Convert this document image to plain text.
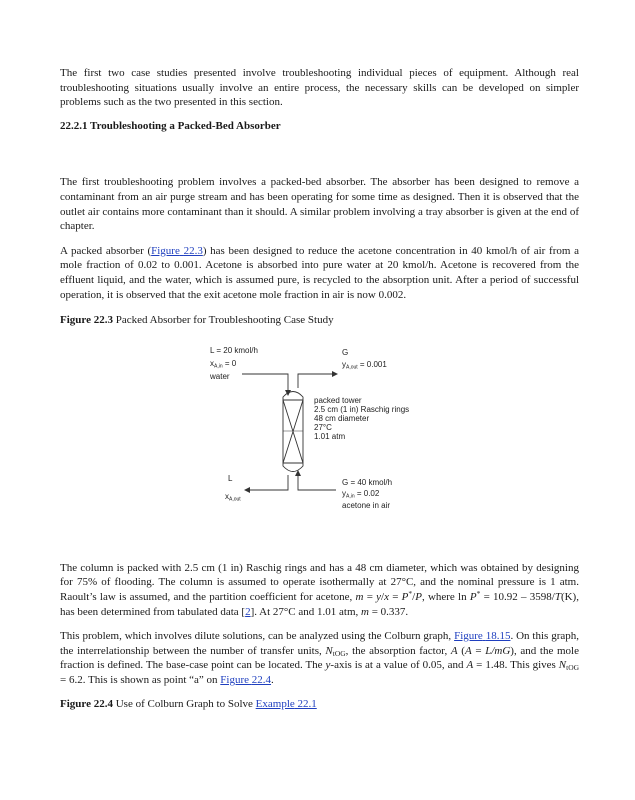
The first two case studies presented involve troubleshooting individual pieces of equipment. Although real troubleshooting situations usually involve an entire process, the necessary skills can be developed on simpler problems such as the two presented in this section.

22.2.1 Troubleshooting a Packed-Bed Absorber

The first troubleshooting problem involves a packed-bed absorber. The absorber has been designed to remove a contaminant from an air purge stream and has been operating for some time as designed. Then it is observed that the outlet air contains more contaminant than it should. A similar problem involving a tray absorber is given at the end of chapter.

A packed absorber (Figure 22.3) has been designed to reduce the acetone concentration in 40 kmol/h of air from a mole fraction of 0.02 to 0.001. Acetone is absorbed into pure water at 20 kmol/h. Acetone is recovered from the effluent liquid, and the water, which is assumed pure, is recycled to the absorption unit. After a period of successful operation, it is observed that the exit acetone mole fraction in air is now 0.002.

Figure 22.3 Packed Absorber for Troubleshooting Case Study

L = 20 kmol/h
xA,in = 0
water
G
yA,out = 0.001
packed tower
2.5 cm (1 in) Raschig rings
48 cm diameter
27°C
1.01 atm
L
xA,out
G = 40 kmol/h
yA,in = 0.02
acetone in air

The column is packed with 2.5 cm (1 in) Raschig rings and has a 48 cm diameter, which was obtained by designing for 75% of flooding. The column is assumed to operate isothermally at 27°C, and the nominal pressure is 1 atm. Raoult’s law is assumed, and the partition coefficient for acetone, m = y/x = P*/P, where ln P* = 10.92 – 3598/T(K), has been determined from tabulated data [2]. At 27°C and 1.01 atm, m = 0.337.

This problem, which involves dilute solutions, can be analyzed using the Colburn graph, Figure 18.15. On this graph, the interrelationship between the number of transfer units, $N_{tOG}$, the absorption factor, A (A = L/mG), and the mole fraction is defined. The base-case point can be located. The y-axis is at a value of 0.05, and A = 1.48. This gives $N_{tOG} = 6.2$. This is shown as point “a” on Figure 22.4.

Figure 22.4 Use of Colburn Graph to Solve Example 22.1
